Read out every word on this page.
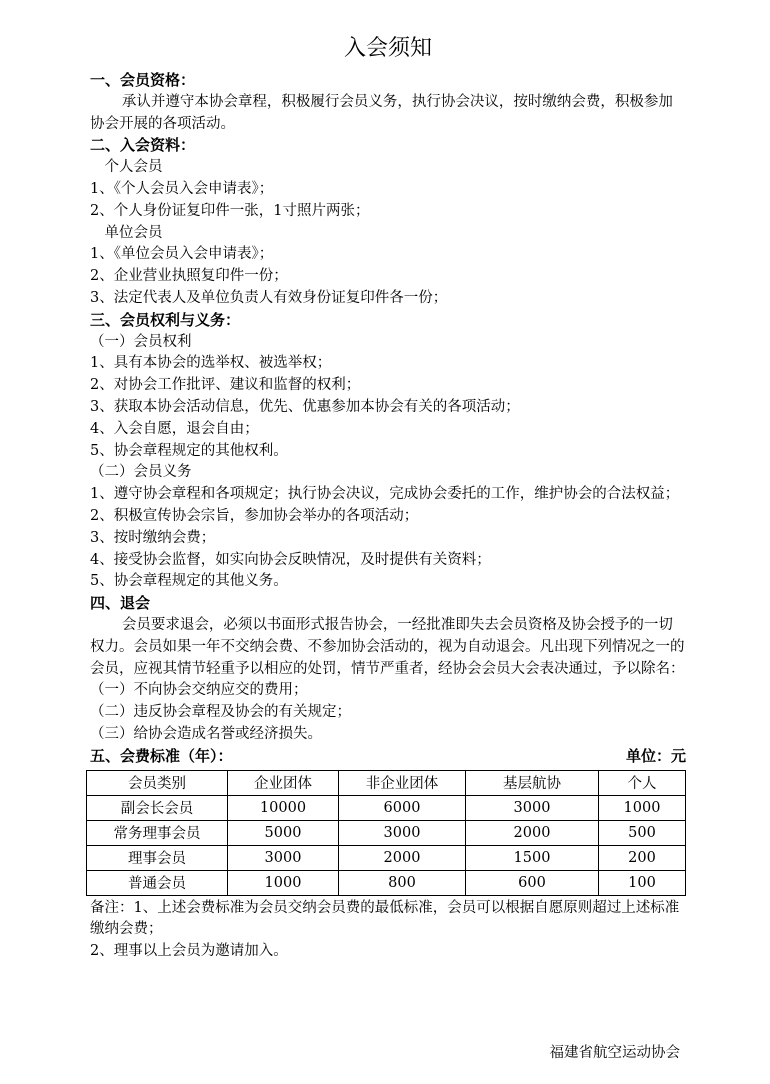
入会须知
一、会员资格：
承认并遵守本协会章程，积极履行会员义务，执行协会决议，按时缴纳会费，积极参加协会开展的各项活动。
二、入会资料：
个人会员
1、《个人会员入会申请表》；
2、个人身份证复印件一张，1寸照片两张；
单位会员
1、《单位会员入会申请表》；
2、企业营业执照复印件一份；
3、法定代表人及单位负责人有效身份证复印件各一份；
三、会员权利与义务：
（一）会员权利
1、具有本协会的选举权、被选举权；
2、对协会工作批评、建议和监督的权利；
3、获取本协会活动信息，优先、优惠参加本协会有关的各项活动；
4、入会自愿，退会自由；
5、协会章程规定的其他权利。
（二）会员义务
1、遵守协会章程和各项规定；执行协会决议，完成协会委托的工作，维护协会的合法权益；
2、积极宣传协会宗旨，参加协会举办的各项活动；
3、按时缴纳会费；
4、接受协会监督，如实向协会反映情况，及时提供有关资料；
5、协会章程规定的其他义务。
四、退会
会员要求退会，必须以书面形式报告协会，一经批准即失去会员资格及协会授予的一切权力。会员如果一年不交纳会费、不参加协会活动的，视为自动退会。凡出现下列情况之一的会员，应视其情节轻重予以相应的处罚，情节严重者，经协会会员大会表决通过，予以除名：
（一）不向协会交纳应交的费用；
（二）违反协会章程及协会的有关规定；
（三）给协会造成名誉或经济损失。
五、会费标准（年）：	单位：元
会员类别	企业团体	非企业团体	基层航协	个人
副会长会员	10000	6000	3000	1000
常务理事会员	5000	3000	2000	500
理事会员	3000	2000	1500	200
普通会员	1000	800	600	100
备注：1、上述会费标准为会员交纳会员费的最低标准，会员可以根据自愿原则超过上述标准缴纳会费；
2、理事以上会员为邀请加入。
福建省航空运动协会
